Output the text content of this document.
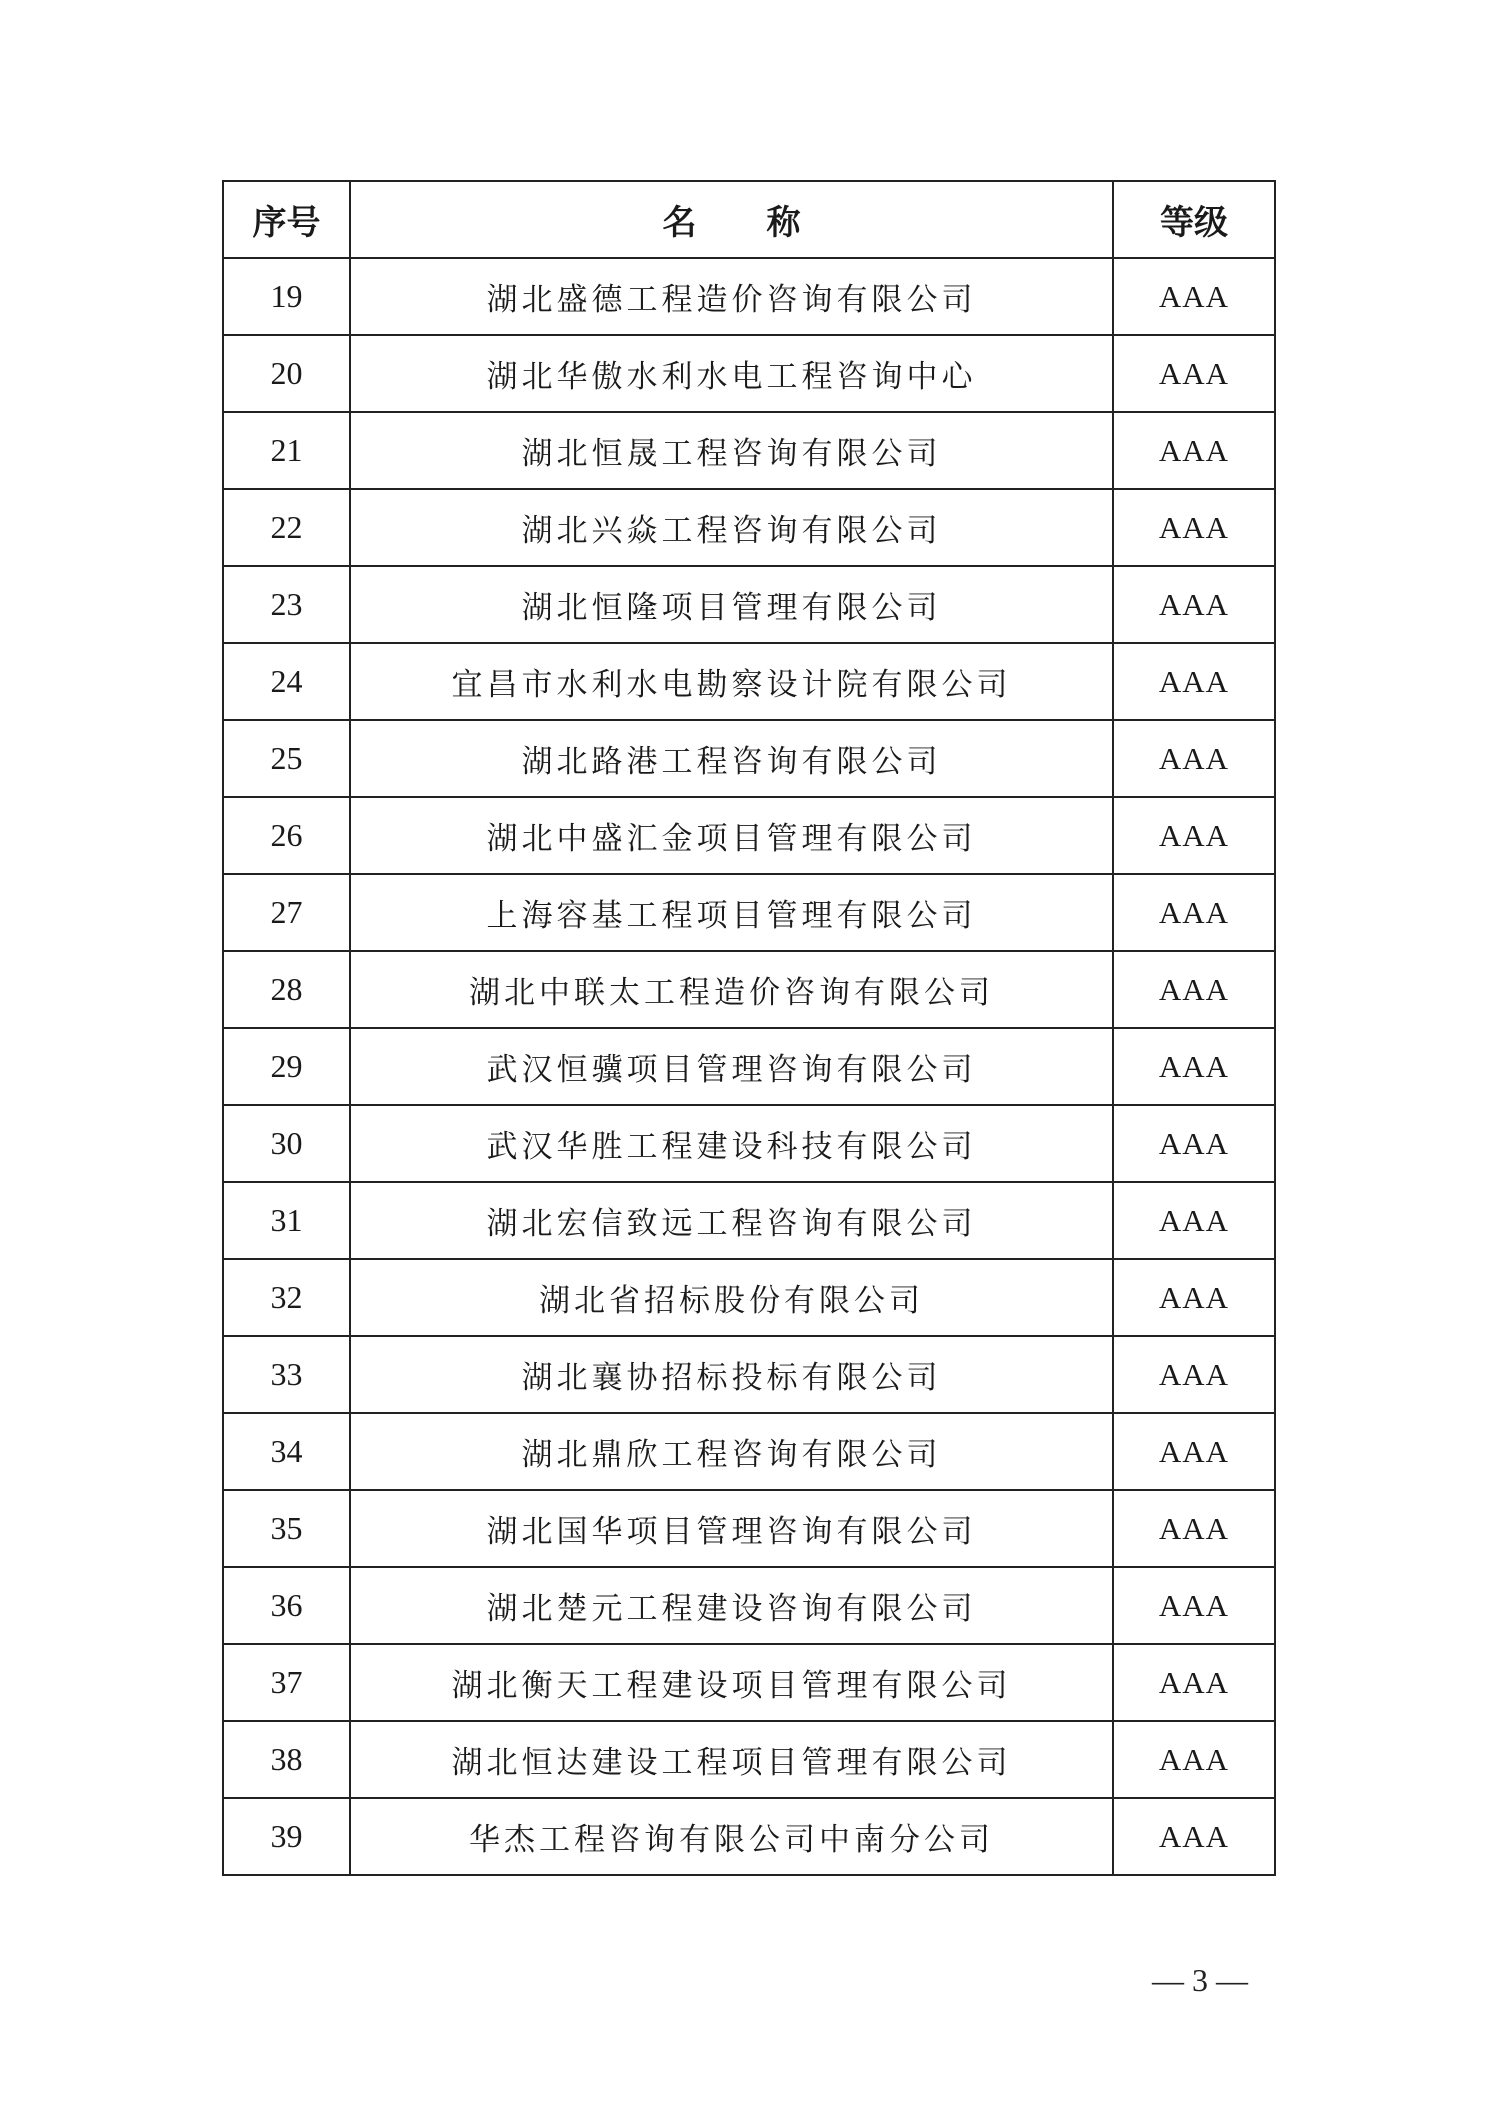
序号	名称	等级
19	湖北盛德工程造价咨询有限公司	AAA
20	湖北华傲水利水电工程咨询中心	AAA
21	湖北恒晟工程咨询有限公司	AAA
22	湖北兴焱工程咨询有限公司	AAA
23	湖北恒隆项目管理有限公司	AAA
24	宜昌市水利水电勘察设计院有限公司	AAA
25	湖北路港工程咨询有限公司	AAA
26	湖北中盛汇金项目管理有限公司	AAA
27	上海容基工程项目管理有限公司	AAA
28	湖北中联太工程造价咨询有限公司	AAA
29	武汉恒骥项目管理咨询有限公司	AAA
30	武汉华胜工程建设科技有限公司	AAA
31	湖北宏信致远工程咨询有限公司	AAA
32	湖北省招标股份有限公司	AAA
33	湖北襄协招标投标有限公司	AAA
34	湖北鼎欣工程咨询有限公司	AAA
35	湖北国华项目管理咨询有限公司	AAA
36	湖北楚元工程建设咨询有限公司	AAA
37	湖北衡天工程建设项目管理有限公司	AAA
38	湖北恒达建设工程项目管理有限公司	AAA
39	华杰工程咨询有限公司中南分公司	AAA
— 3 —
